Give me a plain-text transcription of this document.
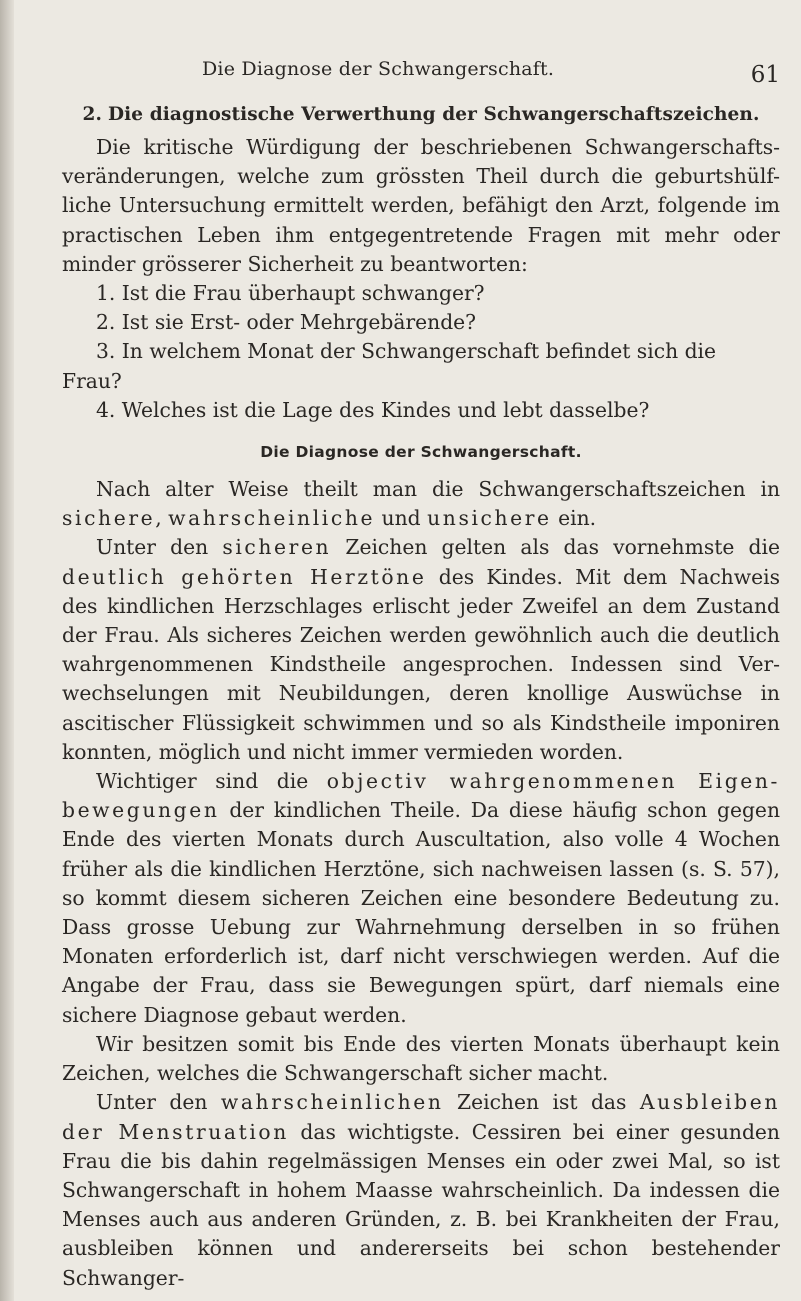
Die Diagnose der Schwangerschaft.	61
2. Die diagnostische Verwerthung der Schwangerschaftszeichen.

Die kritische Würdigung der beschriebenen Schwangerschafts-veränderungen, welche zum grössten Theil durch die geburtshülf-liche Untersuchung ermittelt werden, befähigt den Arzt, folgende im practischen Leben ihm entgegentretende Fragen mit mehr oder minder grösserer Sicherheit zu beantworten:

1. Ist die Frau überhaupt schwanger?
2. Ist sie Erst- oder Mehrgebärende?
3. In welchem Monat der Schwangerschaft befindet sich die
Frau?
4. Welches ist die Lage des Kindes und lebt dasselbe?
Die Diagnose der Schwangerschaft.

Nach alter Weise theilt man die Schwangerschaftszeichen in sichere, wahrscheinliche und unsichere ein.

Unter den sicheren Zeichen gelten als das vornehmste die deutlich gehörten Herztöne des Kindes. Mit dem Nachweis des kindlichen Herzschlages erlischt jeder Zweifel an dem Zustand der Frau. Als sicheres Zeichen werden gewöhnlich auch die deutlich wahrgenommenen Kindstheile angesprochen. Indessen sind Ver-wechselungen mit Neubildungen, deren knollige Auswüchse in ascitischer Flüssigkeit schwimmen und so als Kindstheile imponiren konnten, möglich und nicht immer vermieden worden.

Wichtiger sind die objectiv wahrgenommenen Eigen-bewegungen der kindlichen Theile. Da diese häufig schon gegen Ende des vierten Monats durch Auscultation, also volle 4 Wochen früher als die kindlichen Herztöne, sich nachweisen lassen (s. S. 57), so kommt diesem sicheren Zeichen eine besondere Bedeutung zu. Dass grosse Uebung zur Wahrnehmung derselben in so frühen Monaten erforderlich ist, darf nicht verschwiegen werden. Auf die Angabe der Frau, dass sie Bewegungen spürt, darf niemals eine sichere Diagnose gebaut werden.

Wir besitzen somit bis Ende des vierten Monats überhaupt kein Zeichen, welches die Schwangerschaft sicher macht.

Unter den wahrscheinlichen Zeichen ist das Ausbleiben der Menstruation das wichtigste. Cessiren bei einer gesunden Frau die bis dahin regelmässigen Menses ein oder zwei Mal, so ist Schwangerschaft in hohem Maasse wahrscheinlich. Da indessen die Menses auch aus anderen Gründen, z. B. bei Krankheiten der Frau, ausbleiben können und andererseits bei schon bestehender Schwanger-
